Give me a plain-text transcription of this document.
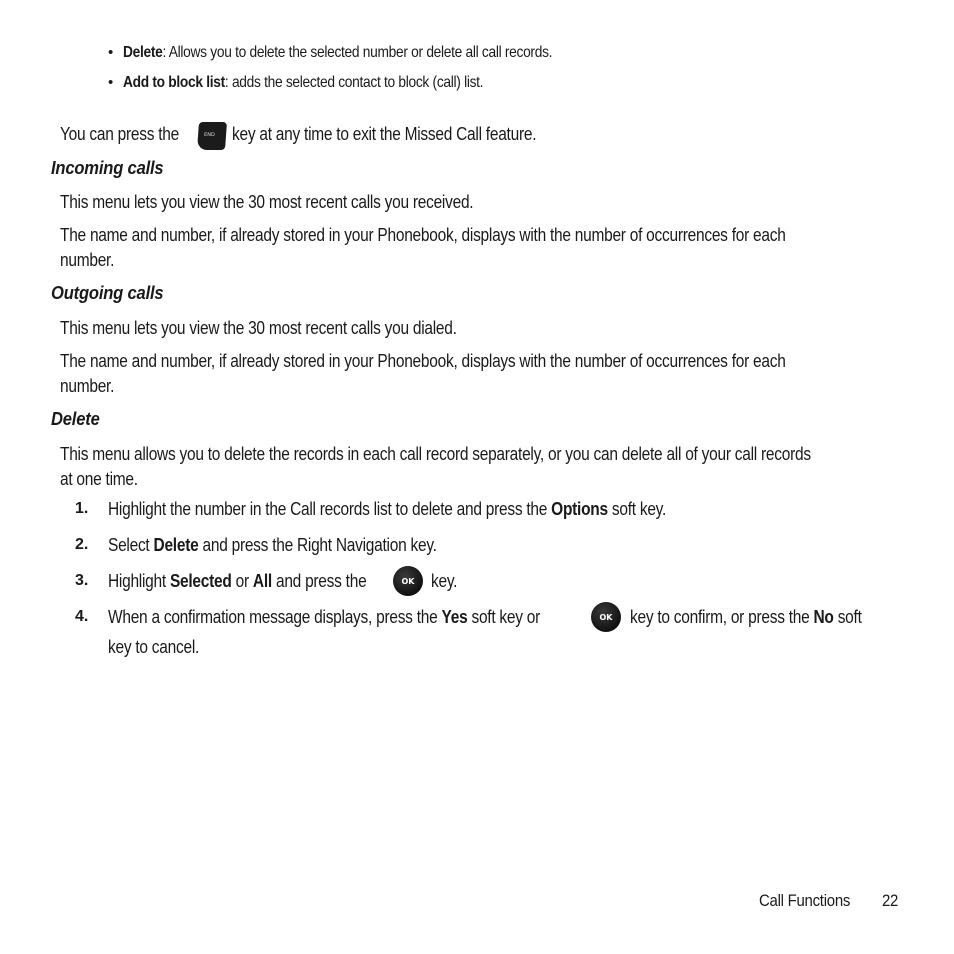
• Delete: Allows you to delete the selected number or delete all call records.
• Add to block list: adds the selected contact to block (call) list.
You can press the	END key at any time to exit the Missed Call feature.
Incoming calls
This menu lets you view the 30 most recent calls you received.
The name and number, if already stored in your Phonebook, displays with the number of occurrences for each
number.
Outgoing calls
This menu lets you view the 30 most recent calls you dialed.
The name and number, if already stored in your Phonebook, displays with the number of occurrences for each
number.
Delete
This menu allows you to delete the records in each call record separately, or you can delete all of your call records
at one time.
1. Highlight the number in the Call records list to delete and press the Options soft key.
2. Select Delete and press the Right Navigation key.
3. Highlight Selected or All and press the	OK key.
4. When a confirmation message displays, press the Yes soft key or	OK key to confirm, or press the No soft
key to cancel.
Call Functions 22
